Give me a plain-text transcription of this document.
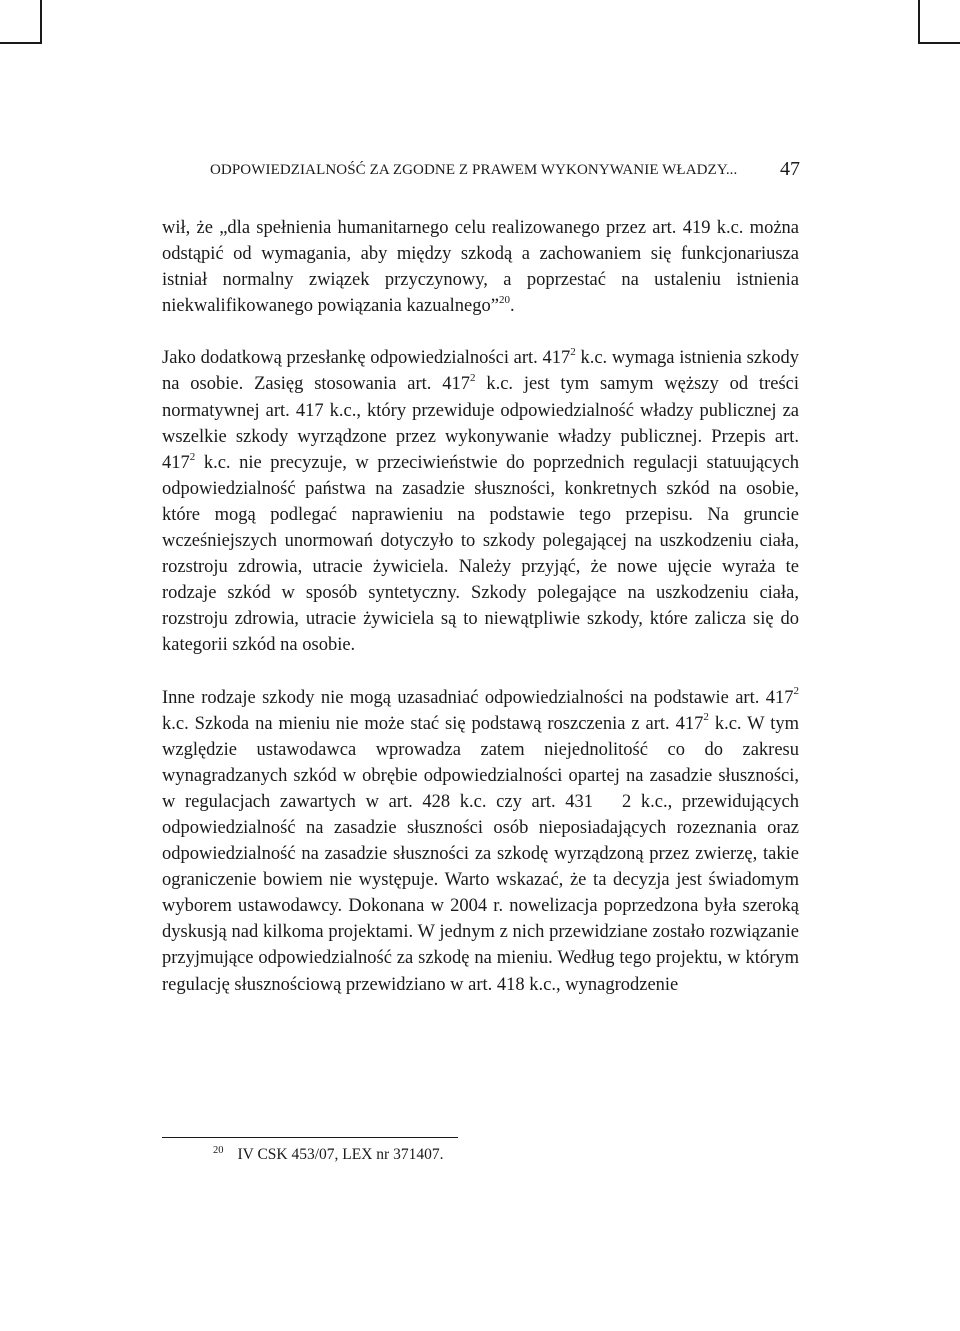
ODPOWIEDZIALNOŚĆ ZA ZGODNE Z PRAWEM WYKONYWANIE WŁADZY... 47

wił, że „dla spełnienia humanitarnego celu realizowanego przez art. 419 k.c. można odstąpić od wymagania, aby między szkodą a zachowaniem się funkcjonariusza istniał normalny związek przyczynowy, a poprzestać na ustaleniu istnienia niekwalifikowanego powiązania kazualnego”$^{20}$.

Jako dodatkową przesłankę odpowiedzialności art. $417^2$ k.c. wymaga istnienia szkody na osobie. Zasięg stosowania art. $417^2$ k.c. jest tym samym węższy od treści normatywnej art. 417 k.c., który przewiduje odpowiedzialność władzy publicznej za wszelkie szkody wyrządzone przez wykonywanie władzy publicznej. Przepis art. $417^2$ k.c. nie precyzuje, w przeciwieństwie do poprzednich regulacji statuujących odpowiedzialność państwa na zasadzie słuszności, konkretnych szkód na osobie, które mogą podlegać naprawieniu na podstawie tego przepisu. Na gruncie wcześniejszych unormowań dotyczyło to szkody polegającej na uszkodzeniu ciała, rozstroju zdrowia, utracie żywiciela. Należy przyjąć, że nowe ujęcie wyraża te rodzaje szkód w sposób syntetyczny. Szkody polegające na uszkodzeniu ciała, rozstroju zdrowia, utracie żywiciela są to niewątpliwie szkody, które zalicza się do kategorii szkód na osobie.

Inne rodzaje szkody nie mogą uzasadniać odpowiedzialności na podstawie art. $417^2$ k.c. Szkoda na mieniu nie może stać się podstawą roszczenia z art. $417^2$ k.c. W tym względzie ustawodawca wprowadza zatem niejednolitość co do zakresu wynagradzanych szkód w obrębie odpowiedzialności opartej na zasadzie słuszności, w regulacjach zawartych w art. 428 k.c. czy art. 431   2 k.c., przewidujących odpowiedzialność na zasadzie słuszności osób nieposiadających rozeznania oraz odpowiedzialność na zasadzie słuszności za szkodę wyrządzoną przez zwierzę, takie ograniczenie bowiem nie występuje. Warto wskazać, że ta decyzja jest świadomym wyborem ustawodawcy. Dokonana w 2004 r. nowelizacja poprzedzona była szeroką dyskusją nad kilkoma projektami. W jednym z nich przewidziane zostało rozwiązanie przyjmujące odpowiedzialność za szkodę na mieniu. Według tego projektu, w którym regulację słusznościową przewidziano w art. 418 k.c., wynagrodzenie

$^{20}$ IV CSK 453/07, LEX nr 371407.
